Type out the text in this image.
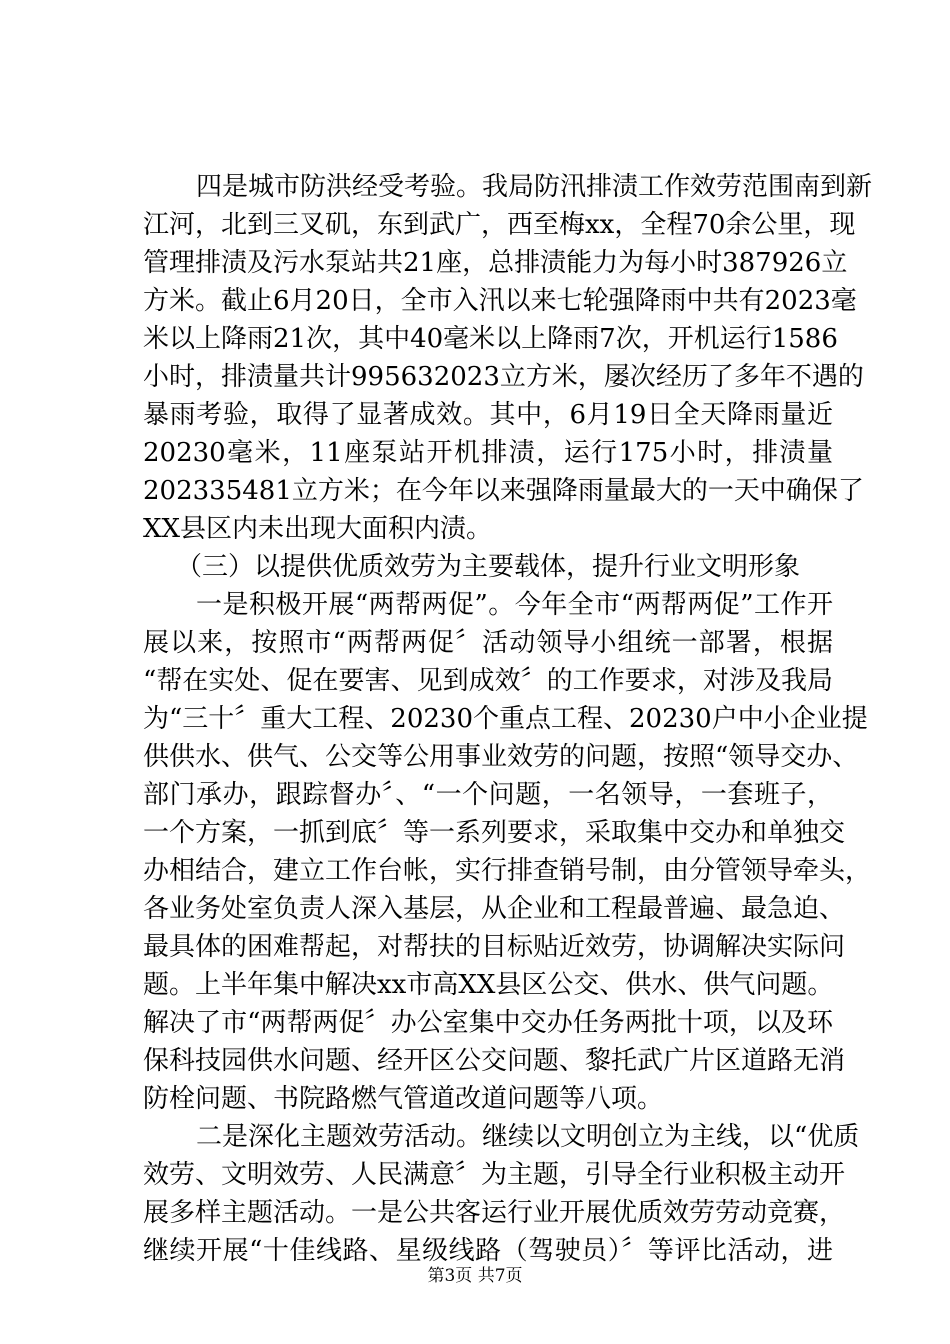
四是城市防洪经受考验。我局防汛排渍工作效劳范围南到新
江河，北到三叉矶，东到武广，西至梅xx，全程70余公里，现
管理排渍及污水泵站共21座，总排渍能力为每小时387926立
方米。截止6月20日，全市入汛以来七轮强降雨中共有2023毫
米以上降雨21次，其中40毫米以上降雨7次，开机运行1586
小时，排渍量共计995632023立方米，屡次经历了多年不遇的
暴雨考验，取得了显著成效。其中，6月19日全天降雨量近
20230毫米，11座泵站开机排渍，运行175小时，排渍量
202335481立方米；在今年以来强降雨量最大的一天中确保了
XX县区内未出现大面积内渍。
（三）以提供优质效劳为主要载体，提升行业文明形象
一是积极开展“两帮两促”。今年全市“两帮两促”工作开
展以来，按照市“两帮两促〞活动领导小组统一部署，根据
“帮在实处、促在要害、见到成效〞的工作要求，对涉及我局
为“三十〞重大工程、20230个重点工程、20230户中小企业提
供供水、供气、公交等公用事业效劳的问题，按照“领导交办、
部门承办，跟踪督办〞、“一个问题，一名领导，一套班子，
一个方案，一抓到底〞等一系列要求，采取集中交办和单独交
办相结合，建立工作台帐，实行排查销号制，由分管领导牵头，
各业务处室负责人深入基层，从企业和工程最普遍、最急迫、
最具体的困难帮起，对帮扶的目标贴近效劳，协调解决实际问
题。上半年集中解决xx市高XX县区公交、供水、供气问题。
解决了市“两帮两促〞办公室集中交办任务两批十项，以及环
保科技园供水问题、经开区公交问题、黎托武广片区道路无消
防栓问题、书院路燃气管道改道问题等八项。
二是深化主题效劳活动。继续以文明创立为主线，以“优质
效劳、文明效劳、人民满意〞为主题，引导全行业积极主动开
展多样主题活动。一是公共客运行业开展优质效劳劳动竞赛，
继续开展“十佳线路、星级线路（驾驶员）〞等评比活动，进
第3页 共7页
